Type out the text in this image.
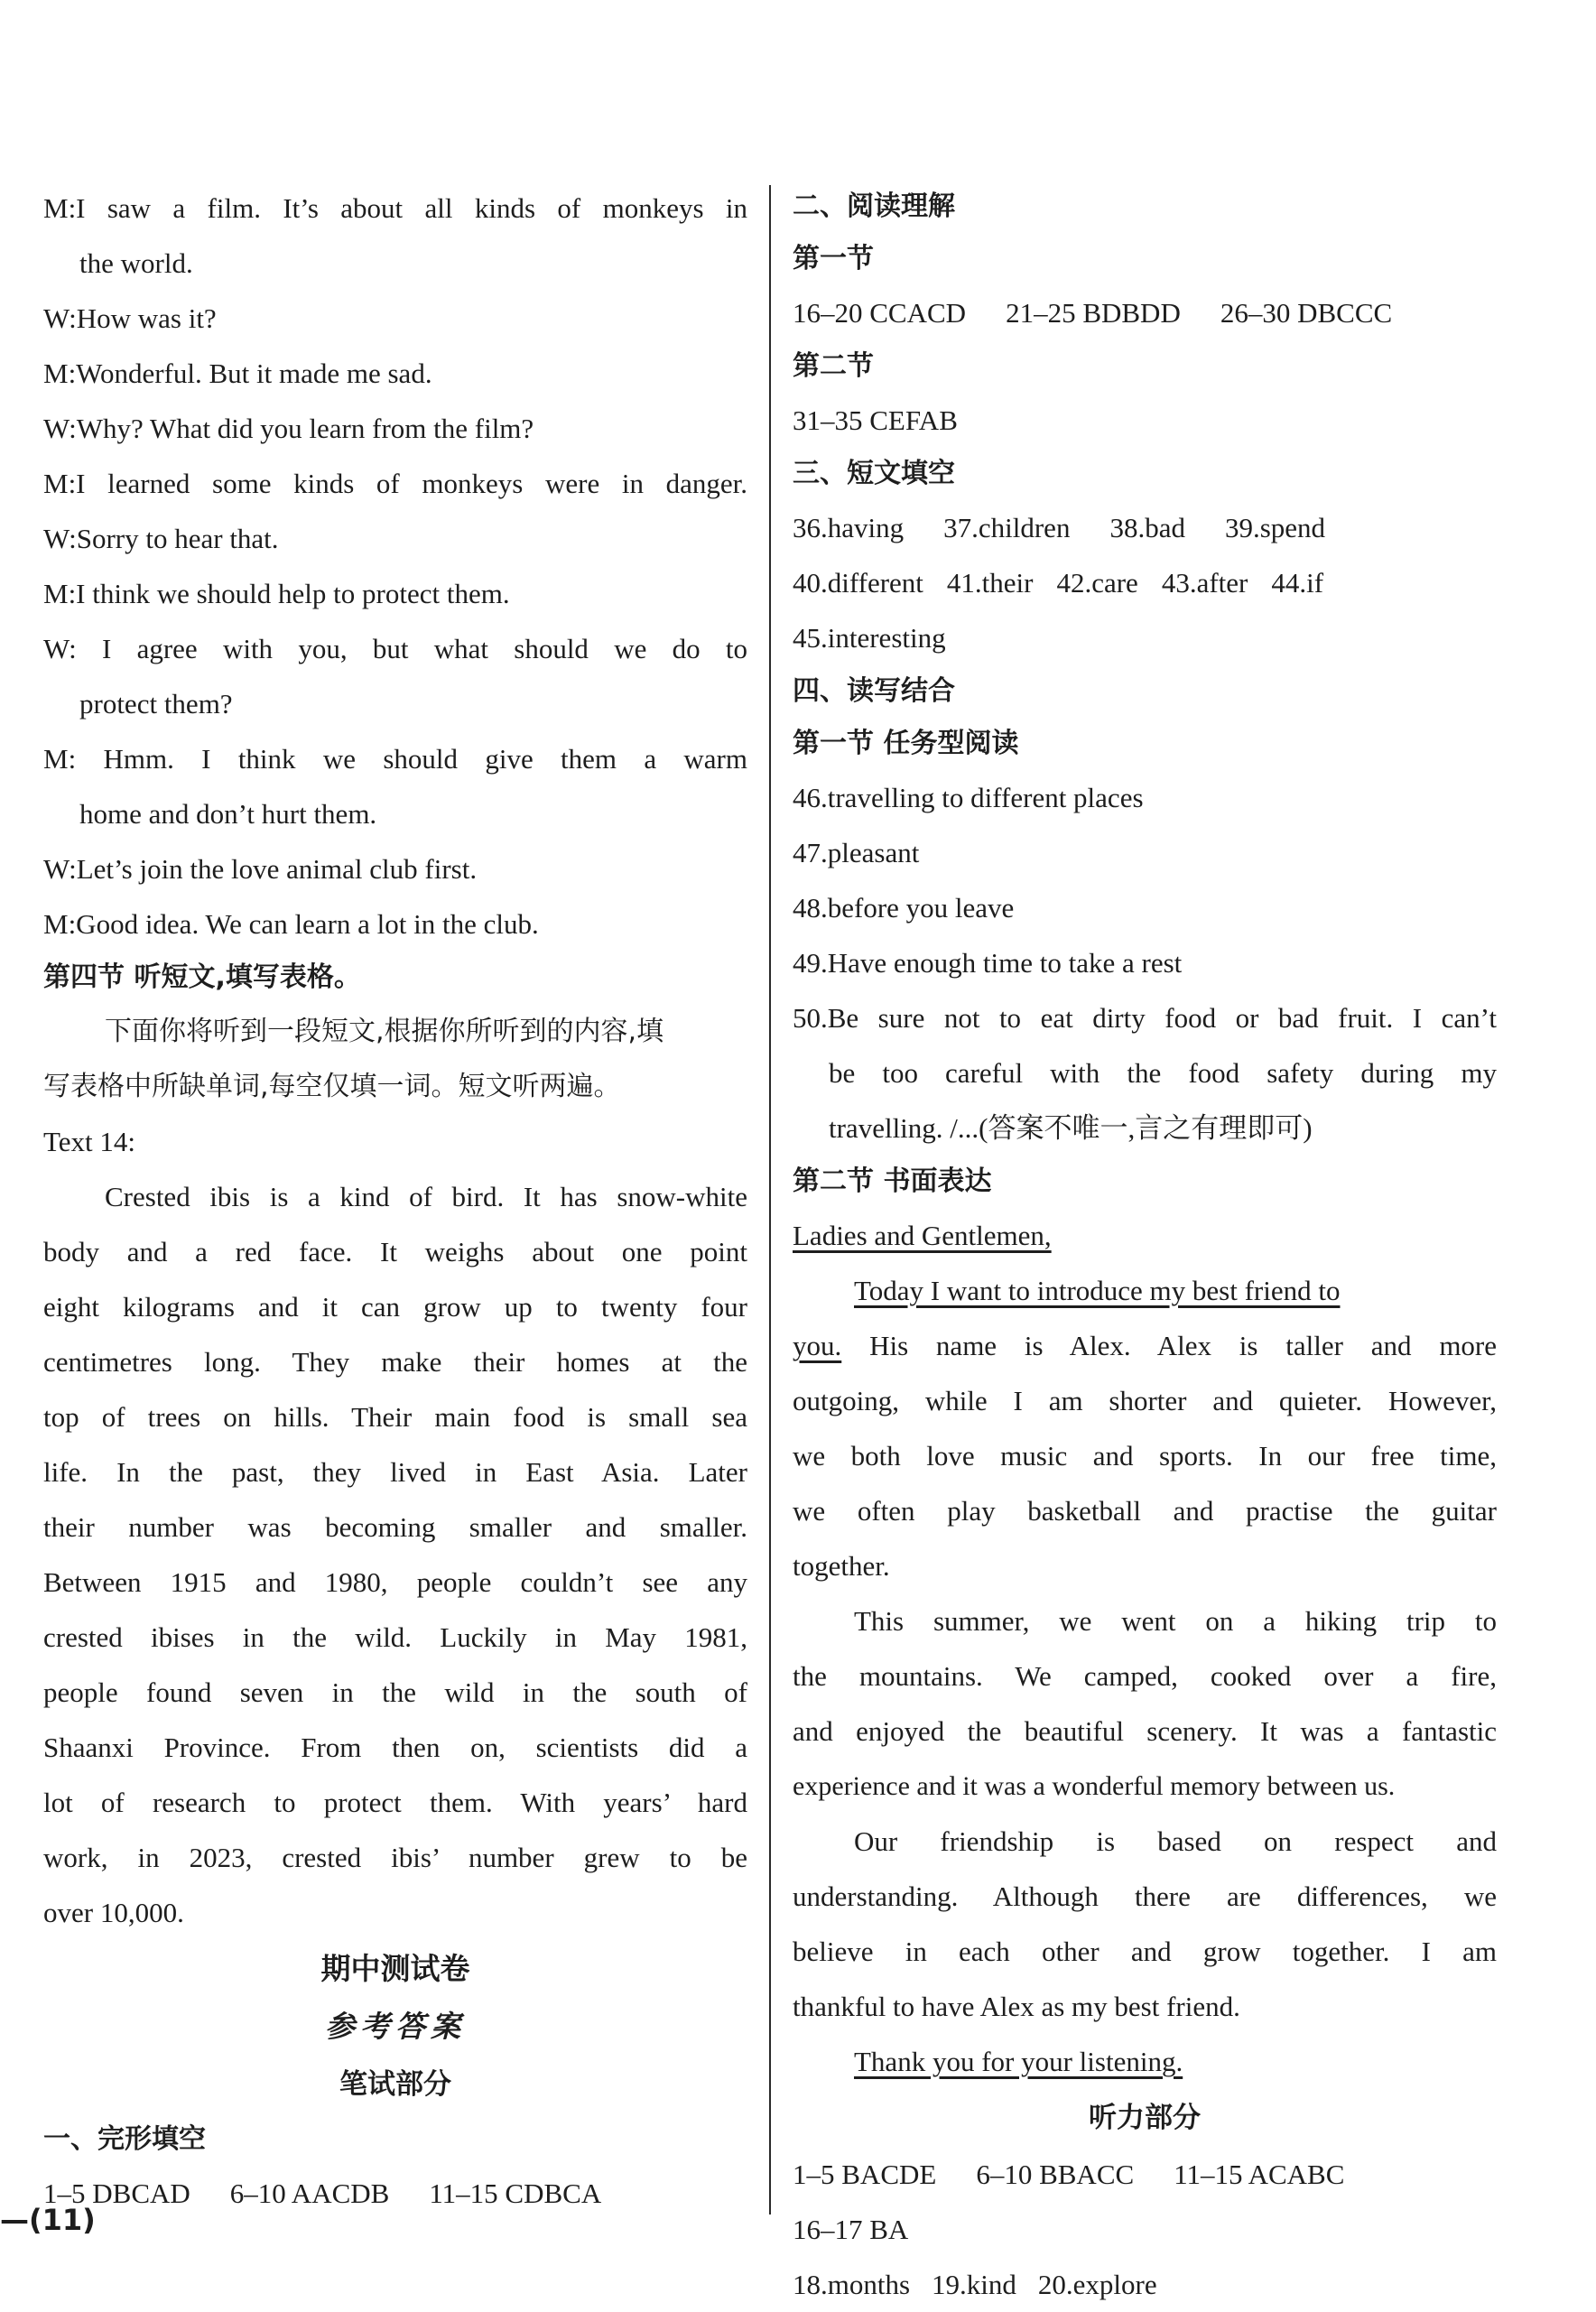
M:I saw a film. It’s about all kinds of monkeys in
the world.
W:How was it?
M:Wonderful. But it made me sad.
W:Why? What did you learn from the film?
M:I learned some kinds of monkeys were in danger.
W:Sorry to hear that.
M:I think we should help to protect them.
W: I agree with you, but what should we do to
protect them?
M: Hmm. I think we should give them a warm
home and don’t hurt them.
W:Let’s join the love animal club first.
M:Good idea. We can learn a lot in the club.
第四节 听短文,填写表格。
下面你将听到一段短文,根据你所听到的内容,填
写表格中所缺单词,每空仅填一词。短文听两遍。
Text 14:
Crested ibis is a kind of bird. It has snow-white
body and a red face. It weighs about one point
eight kilograms and it can grow up to twenty four
centimetres long. They make their homes at the
top of trees on hills. Their main food is small sea
life. In the past, they lived in East Asia. Later
their number was becoming smaller and smaller.
Between 1915 and 1980, people couldn’t see any
crested ibises in the wild. Luckily in May 1981,
people found seven in the wild in the south of
Shaanxi Province. From then on, scientists did a
lot of research to protect them. With years’ hard
work, in 2023, crested ibis’ number grew to be
over 10,000.
期中测试卷
参考答案
笔试部分
一、完形填空
1–5 DBCAD 6–10 AACDB 11–15 CDBCA
—(11)
二、阅读理解
第一节
16–20 CCACD 21–25 BDBDD 26–30 DBCCC
第二节
31–35 CEFAB
三、短文填空
36.having 37.children 38.bad 39.spend
40.different 41.their 42.care 43.after 44.if
45.interesting
四、读写结合
第一节 任务型阅读
46.travelling to different places
47.pleasant
48.before you leave
49.Have enough time to take a rest
50.Be sure not to eat dirty food or bad fruit. I can’t
be too careful with the food safety during my
travelling. /...(答案不唯一,言之有理即可)
第二节 书面表达
Ladies and Gentlemen,
Today I want to introduce my best friend to
you. His name is Alex. Alex is taller and more
outgoing, while I am shorter and quieter. However,
we both love music and sports. In our free time,
we often play basketball and practise the guitar
together.
This summer, we went on a hiking trip to
the mountains. We camped, cooked over a fire,
and enjoyed the beautiful scenery. It was a fantastic
experience and it was a wonderful memory between us.
Our friendship is based on respect and
understanding. Although there are differences, we
believe in each other and grow together. I am
thankful to have Alex as my best friend.
Thank you for your listening.
听力部分
1–5 BACDE 6–10 BBACC 11–15 ACABC
16–17 BA
18.months 19.kind 20.explore
